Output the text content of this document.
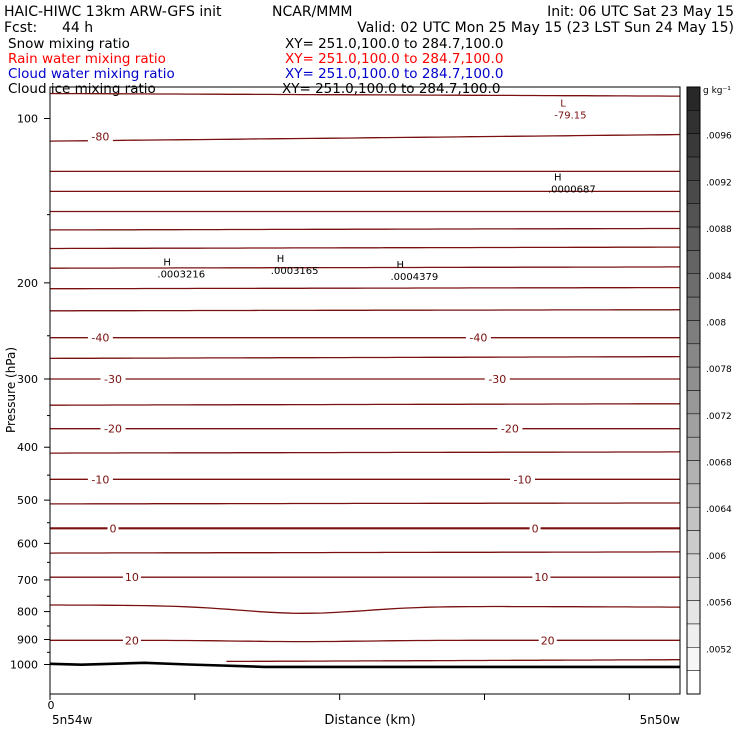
HAIC-HIWC 13km ARW-GFS init	NCAR/MMM	Init: 06 UTC Sat 23 May 15
Fcst: 44 h	Valid: 02 UTC Mon 25 May 15 (23 LST Sun 24 May 15)
Snow mixing ratio	XY= 251.0,100.0 to 284.7,100.0
Rain water mixing ratio	XY= 251.0,100.0 to 284.7,100.0
Cloud water mixing ratio	XY= 251.0,100.0 to 284.7,100.0
Cloud ice mixing ratio	XY= 251.0,100.0 to 284.7,100.0
-80
-40	-40
-30	-30
-20	-20
-10	-10
0	0
10	10
20	20
L
-79.15
H
.0000687
H
.0003216
H
.0003165
H
.0004379
100
200
300
400
500
600
700
800
900
1000
Pressure (hPa)
Distance (km)
0
5n54w	5n50w
.0096
.0092
.0088
.0084
.008
.0078
.0072
.0068
.0064
.006
.0056
.0052
g kg⁻¹
